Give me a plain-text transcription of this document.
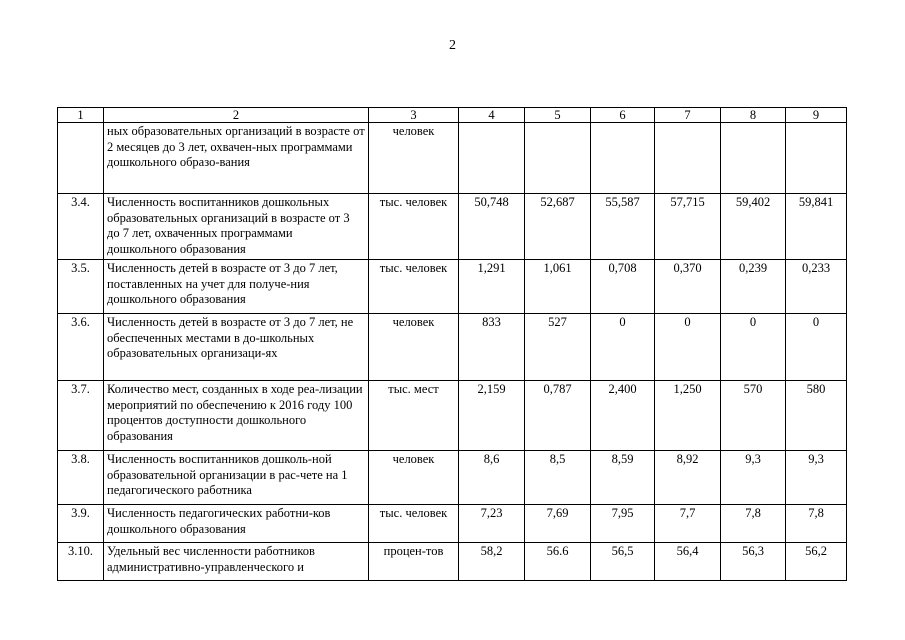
2
1	2	3	4	5	6	7	8	9
	ных образовательных организаций в возрасте от 2 месяцев до 3 лет, охвачен-ных программами дошкольного образо-вания	человек						
3.4.	Численность воспитанников дошкольных образовательных организаций в возрасте от 3 до 7 лет, охваченных программами дошкольного образования	тыс. человек	50,748	52,687	55,587	57,715	59,402	59,841
3.5.	Численность детей в возрасте от 3 до 7 лет, поставленных на учет для получе-ния дошкольного образования	тыс. человек	1,291	1,061	0,708	0,370	0,239	0,233
3.6.	Численность детей в возрасте от 3 до 7 лет, не обеспеченных местами в до-школьных образовательных организаци-ях	человек	833	527	0	0	0	0
3.7.	Количество мест, созданных в ходе реа-лизации мероприятий по обеспечению к 2016 году 100 процентов доступности дошкольного образования	тыс. мест	2,159	0,787	2,400	1,250	570	580
3.8.	Численность воспитанников дошколь-ной образовательной организации в рас-чете на 1 педагогического работника	человек	8,6	8,5	8,59	8,92	9,3	9,3
3.9.	Численность педагогических работни-ков дошкольного образования	тыс. человек	7,23	7,69	7,95	7,7	7,8	7,8
3.10.	Удельный вес численности работников административно-управленческого и	процен-тов	58,2	56.6	56,5	56,4	56,3	56,2
